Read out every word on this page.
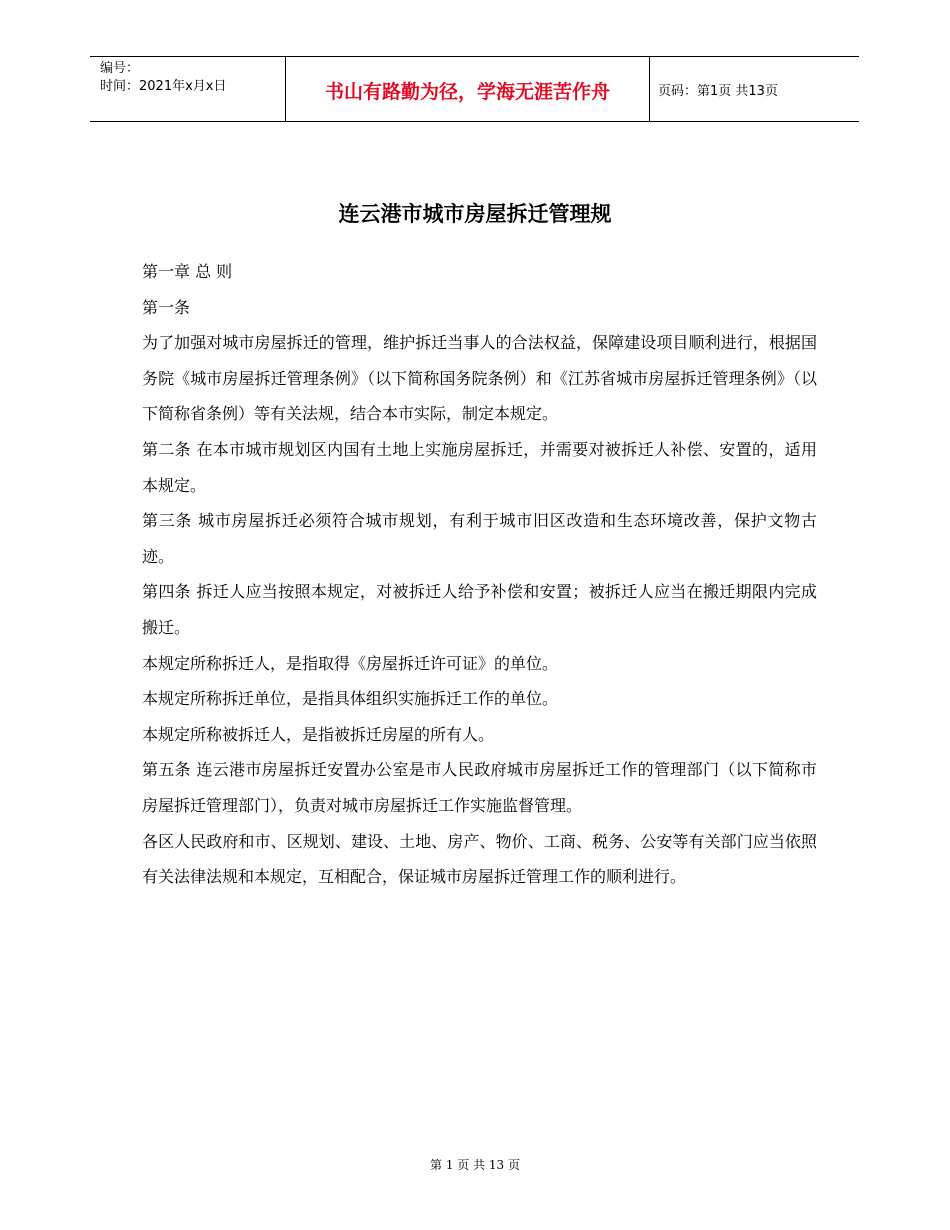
编号：
时间：2021年x月x日	书山有路勤为径，学海无涯苦作舟	页码：第1页 共13页
连云港市城市房屋拆迁管理规

第一章 总 则

第一条

为了加强对城市房屋拆迁的管理，维护拆迁当事人的合法权益，保障建设项目顺利进行，根据国务院《城市房屋拆迁管理条例》（以下简称国务院条例）和《江苏省城市房屋拆迁管理条例》（以下简称省条例）等有关法规，结合本市实际，制定本规定。

第二条 在本市城市规划区内国有土地上实施房屋拆迁，并需要对被拆迁人补偿、安置的，适用本规定。

第三条 城市房屋拆迁必须符合城市规划，有利于城市旧区改造和生态环境改善，保护文物古迹。

第四条 拆迁人应当按照本规定，对被拆迁人给予补偿和安置；被拆迁人应当在搬迁期限内完成搬迁。

本规定所称拆迁人，是指取得《房屋拆迁许可证》的单位。

本规定所称拆迁单位，是指具体组织实施拆迁工作的单位。

本规定所称被拆迁人，是指被拆迁房屋的所有人。

第五条 连云港市房屋拆迁安置办公室是市人民政府城市房屋拆迁工作的管理部门（以下简称市房屋拆迁管理部门），负责对城市房屋拆迁工作实施监督管理。

各区人民政府和市、区规划、建设、土地、房产、物价、工商、税务、公安等有关部门应当依照有关法律法规和本规定，互相配合，保证城市房屋拆迁管理工作的顺利进行。

第 1 页 共 13 页
